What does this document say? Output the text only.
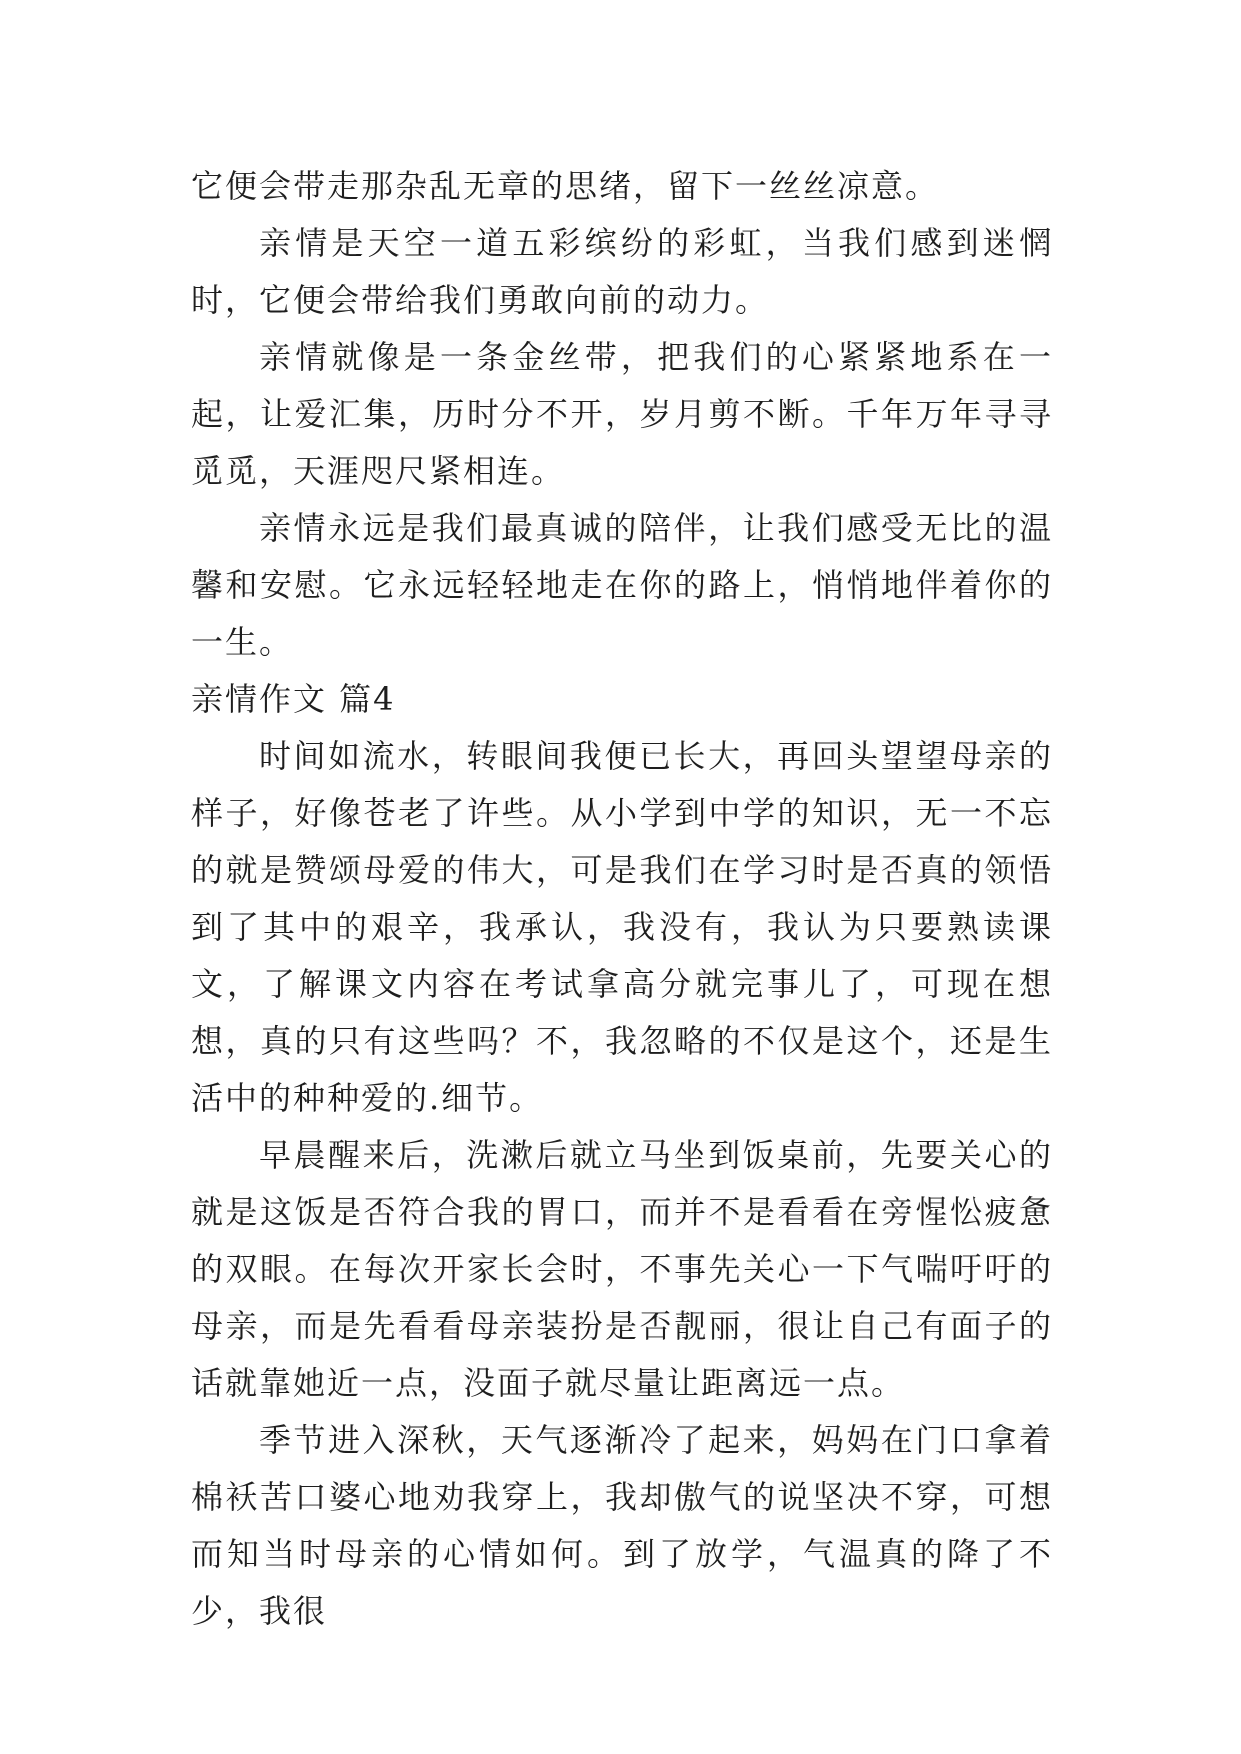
它便会带走那杂乱无章的思绪，留下一丝丝凉意。

亲情是天空一道五彩缤纷的彩虹，当我们感到迷惘时，它便会带给我们勇敢向前的动力。

亲情就像是一条金丝带，把我们的心紧紧地系在一起，让爱汇集，历时分不开，岁月剪不断。千年万年寻寻觅觅，天涯咫尺紧相连。

亲情永远是我们最真诚的陪伴，让我们感受无比的温馨和安慰。它永远轻轻地走在你的路上，悄悄地伴着你的一生。

亲情作文 篇4

时间如流水，转眼间我便已长大，再回头望望母亲的样子，好像苍老了许些。从小学到中学的知识，无一不忘的就是赞颂母爱的伟大，可是我们在学习时是否真的领悟到了其中的艰辛，我承认，我没有，我认为只要熟读课文，了解课文内容在考试拿高分就完事儿了，可现在想想，真的只有这些吗？不，我忽略的不仅是这个，还是生活中的种种爱的.细节。

早晨醒来后，洗漱后就立马坐到饭桌前，先要关心的就是这饭是否符合我的胃口，而并不是看看在旁惺忪疲惫的双眼。在每次开家长会时，不事先关心一下气喘吁吁的母亲，而是先看看母亲装扮是否靓丽，很让自己有面子的话就靠她近一点，没面子就尽量让距离远一点。

季节进入深秋，天气逐渐冷了起来，妈妈在门口拿着棉袄苦口婆心地劝我穿上，我却傲气的说坚决不穿，可想而知当时母亲的心情如何。到了放学，气温真的降了不少，我很
